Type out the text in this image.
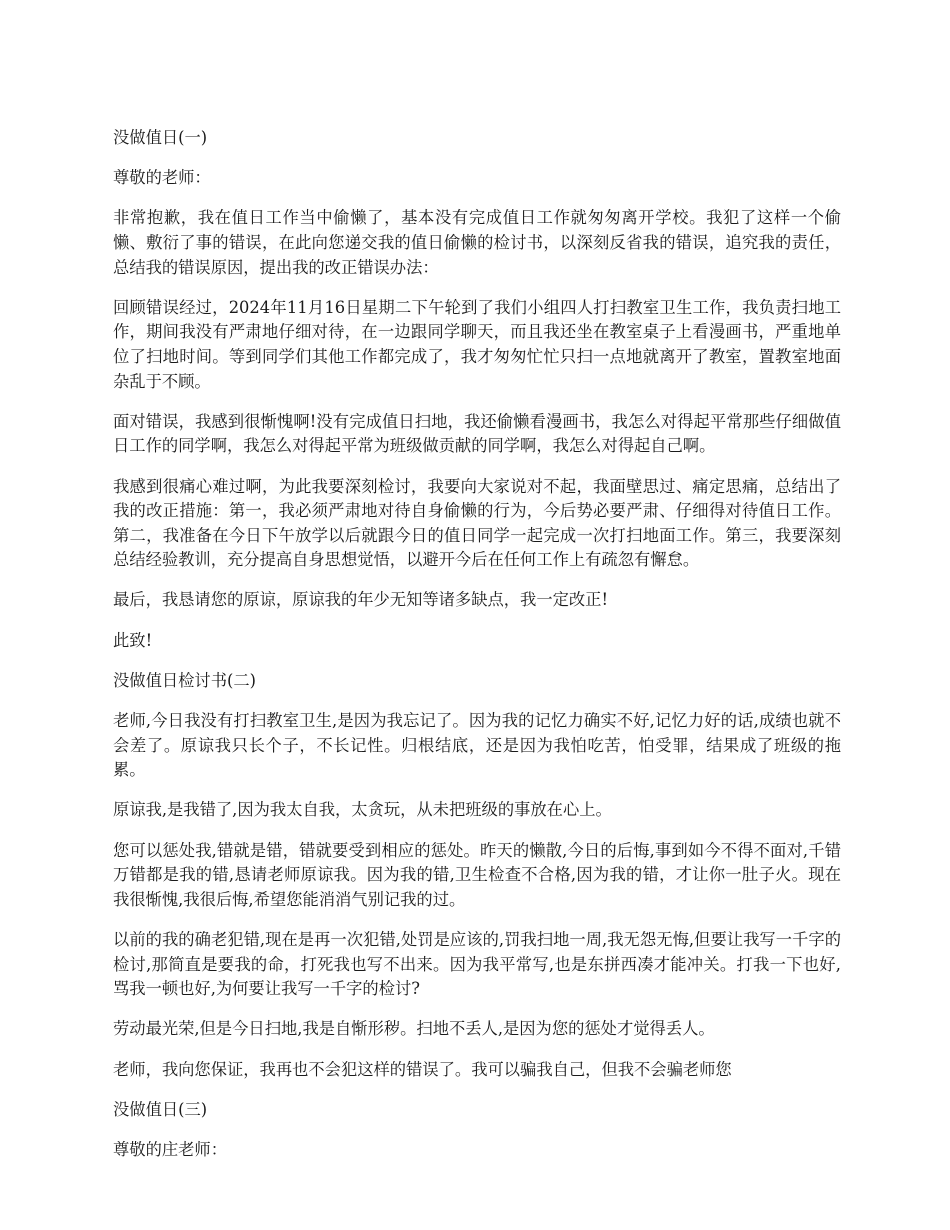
没做值日(一)

尊敬的老师：

非常抱歉，我在值日工作当中偷懒了，基本没有完成值日工作就匆匆离开学校。我犯了这样一个偷懒、敷衍了事的错误，在此向您递交我的值日偷懒的检讨书，以深刻反省我的错误，追究我的责任，总结我的错误原因，提出我的改正错误办法：

回顾错误经过，2024年11月16日星期二下午轮到了我们小组四人打扫教室卫生工作，我负责扫地工作，期间我没有严肃地仔细对待，在一边跟同学聊天，而且我还坐在教室桌子上看漫画书，严重地单位了扫地时间。等到同学们其他工作都完成了，我才匆匆忙忙只扫一点地就离开了教室，置教室地面杂乱于不顾。

面对错误，我感到很惭愧啊!没有完成值日扫地，我还偷懒看漫画书，我怎么对得起平常那些仔细做值日工作的同学啊，我怎么对得起平常为班级做贡献的同学啊，我怎么对得起自己啊。

我感到很痛心难过啊，为此我要深刻检讨，我要向大家说对不起，我面壁思过、痛定思痛，总结出了我的改正措施：第一，我必须严肃地对待自身偷懒的行为，今后势必要严肃、仔细得对待值日工作。第二，我准备在今日下午放学以后就跟今日的值日同学一起完成一次打扫地面工作。第三，我要深刻总结经验教训，充分提高自身思想觉悟，以避开今后在任何工作上有疏忽有懈怠。

最后，我恳请您的原谅，原谅我的年少无知等诸多缺点，我一定改正!

此致!

没做值日检讨书(二)

老师,今日我没有打扫教室卫生,是因为我忘记了。因为我的记忆力确实不好,记忆力好的话,成绩也就不会差了。原谅我只长个子，不长记性。归根结底，还是因为我怕吃苦，怕受罪，结果成了班级的拖累。

原谅我,是我错了,因为我太自我，太贪玩，从未把班级的事放在心上。

您可以惩处我,错就是错，错就要受到相应的惩处。昨天的懒散,今日的后悔,事到如今不得不面对,千错万错都是我的错,恳请老师原谅我。因为我的错,卫生检查不合格,因为我的错，才让你一肚子火。现在我很惭愧,我很后悔,希望您能消消气别记我的过。

以前的我的确老犯错,现在是再一次犯错,处罚是应该的,罚我扫地一周,我无怨无悔,但要让我写一千字的检讨,那简直是要我的命，打死我也写不出来。因为我平常写,也是东拼西凑才能冲关。打我一下也好,骂我一顿也好,为何要让我写一千字的检讨?

劳动最光荣,但是今日扫地,我是自惭形秽。扫地不丢人,是因为您的惩处才觉得丢人。

老师，我向您保证，我再也不会犯这样的错误了。我可以骗我自己，但我不会骗老师您

没做值日(三)

尊敬的庄老师：
